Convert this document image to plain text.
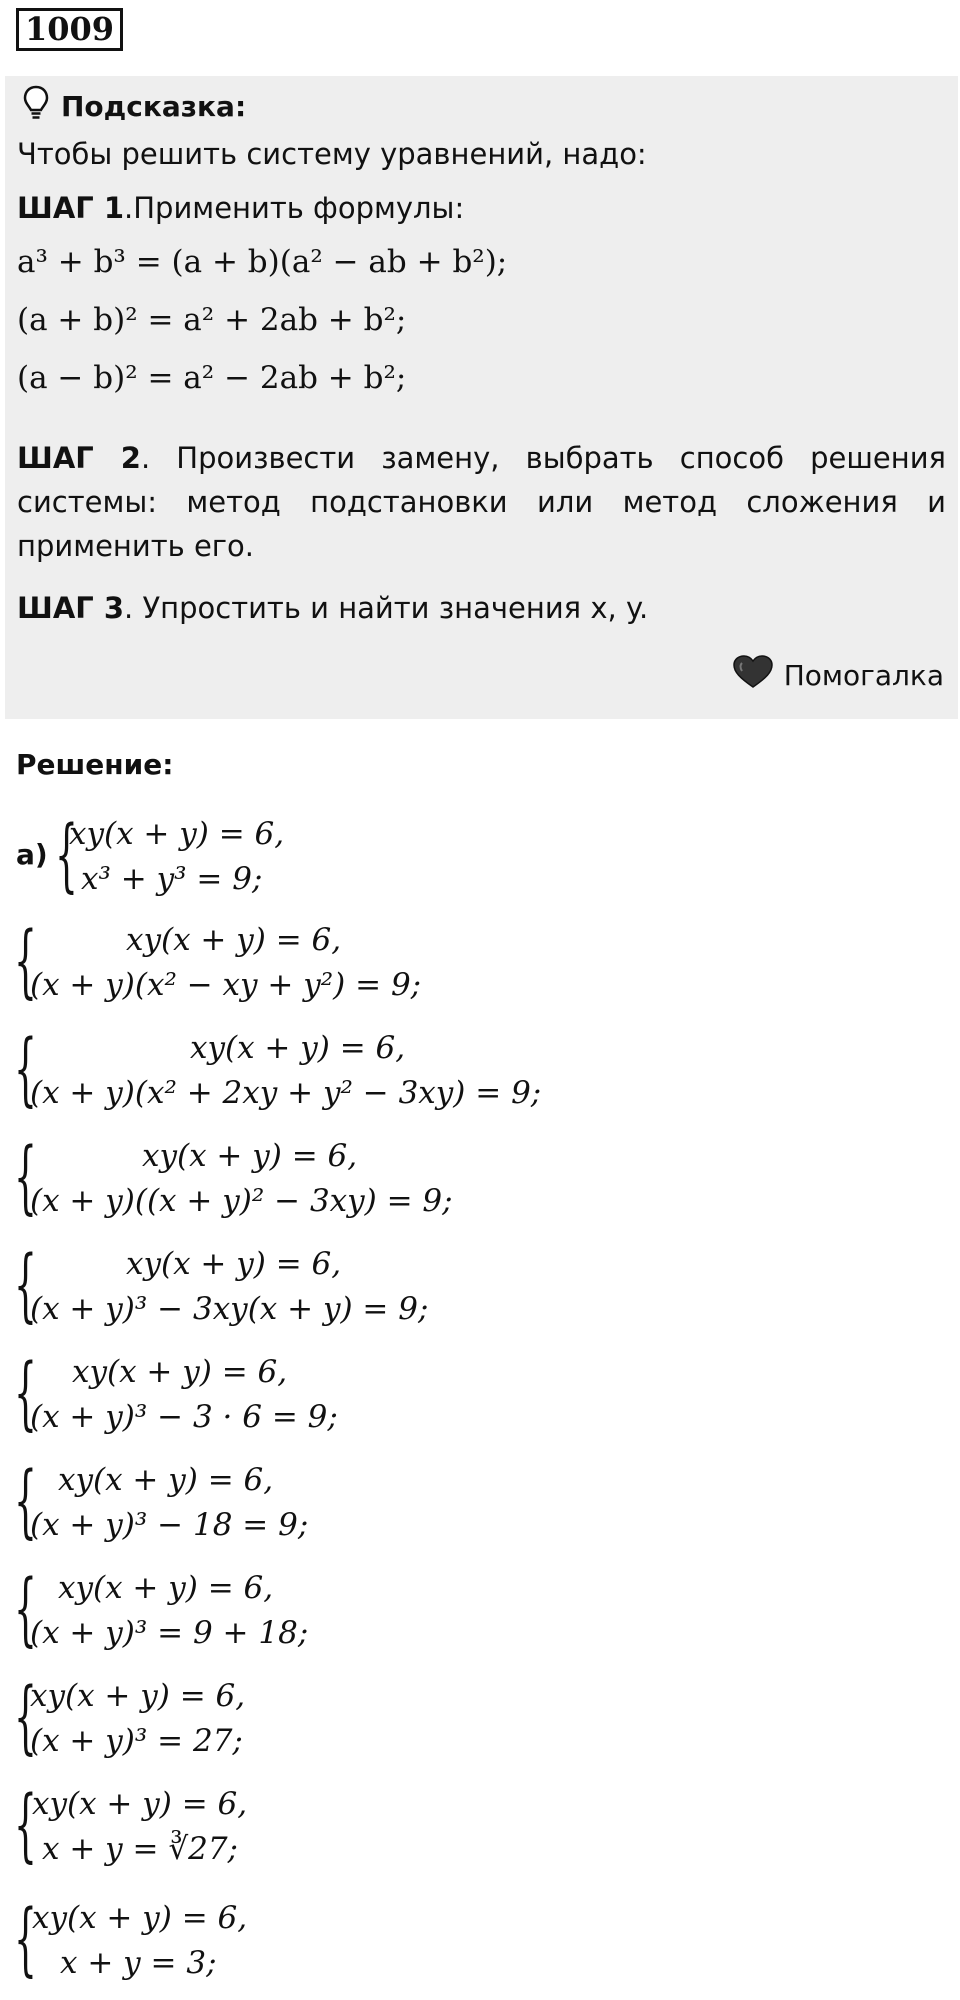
1009
Подсказка:
Чтобы решить систему уравнений, надо:
ШАГ 1.Применить формулы:
a³ + b³ = (a + b)(a² − ab + b²);
(a + b)² = a² + 2ab + b²;
(a − b)² = a² − 2ab + b²;
ШАГ 2. Произвести замену, выбрать способ решения системы: метод подстановки или метод сложения и применить его.
ШАГ 3. Упростить и найти значения x, y.
Помогалка
Решение:
а) {
xy(x + y) = 6,
x³ + y³ = 9;
{	xy(x + y) = 6,
(x + y)(x² − xy + y²) = 9;
{	xy(x + y) = 6,
(x + y)(x² + 2xy + y² − 3xy) = 9;
{	xy(x + y) = 6,
(x + y)((x + y)² − 3xy) = 9;
{	xy(x + y) = 6,
(x + y)³ − 3xy(x + y) = 9;
{ xy(x + y) = 6,
(x + y)³ − 3 · 6 = 9;
{ xy(x + y) = 6,
(x + y)³ − 18 = 9;
{ xy(x + y) = 6,
(x + y)³ = 9 + 18;
{
xy(x + y) = 6,
(x + y)³ = 27;
{
xy(x + y) = 6,
x + y = ∛27;
{
xy(x + y) = 6,
x + y = 3;
